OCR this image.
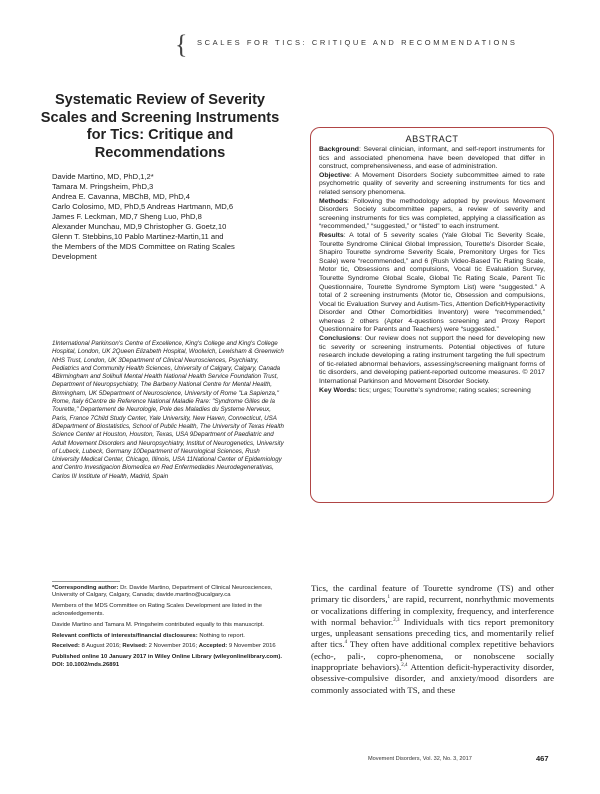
{ SCALES FOR TICS: CRITIQUE AND RECOMMENDATIONS
Systematic Review of Severity Scales and Screening Instruments for Tics: Critique and Recommendations
Davide Martino, MD, PhD,1,2*
Tamara M. Pringsheim, PhD,3
Andrea E. Cavanna, MBChB, MD, PhD,4
Carlo Colosimo, MD, PhD,5 Andreas Hartmann, MD,6
James F. Leckman, MD,7 Sheng Luo, PhD,8
Alexander Munchau, MD,9 Christopher G. Goetz,10
Glenn T. Stebbins,10 Pablo Martinez-Martin,11 and
the Members of the MDS Committee on Rating Scales
Development
1International Parkinson's Centre of Excellence, King's College and King's College Hospital, London, UK 2Queen Elizabeth Hospital, Woolwich, Lewisham & Greenwich NHS Trust, London, UK 3Department of Clinical Neurosciences, Psychiatry, Pediatrics and Community Health Sciences, University of Calgary, Calgary, Canada 4Birmingham and Solihull Mental Health National Health Service Foundation Trust, Department of Neuropsychiatry, The Barberry National Centre for Mental Health, Birmingham, UK 5Department of Neuroscience, University of Rome "La Sapienza," Rome, Italy 6Centre de Reference National Maladie Rare: "Syndrome Gilles de la Tourette," Departement de Neurologie, Pole des Maladies du Systeme Nerveux, Paris, France 7Child Study Center, Yale University, New Haven, Connecticut, USA 8Department of Biostatistics, School of Public Health, The University of Texas Health Science Center at Houston, Houston, Texas, USA 9Department of Paediatric and Adult Movement Disorders and Neuropsychiatry, Institut of Neurogenetics, University of Lubeck, Lubeck, Germany 10Department of Neurological Sciences, Rush University Medical Center, Chicago, Illinois, USA 11National Center of Epidemiology and Centro Investigacion Biomedica en Red Enfermedades Neurodegenerativas, Carlos III Institute of Health, Madrid, Spain
ABSTRACT
Background: Several clinician, informant, and self-report instruments for tics and associated phenomena have been developed that differ in construct, comprehensiveness, and ease of administration.
Objective: A Movement Disorders Society subcommittee aimed to rate psychometric quality of severity and screening instruments for tics and related sensory phenomena.
Methods: Following the methodology adopted by previous Movement Disorders Society subcommittee papers, a review of severity and screening instruments for tics was completed, applying a classification as “recommended,” “suggested,” or “listed” to each instrument.
Results: A total of 5 severity scales (Yale Global Tic Severity Scale, Tourette Syndrome Clinical Global Impression, Tourette's Disorder Scale, Shapiro Tourette syndrome Severity Scale, Premonitory Urges for Tics Scale) were “recommended,” and 6 (Rush Video-Based Tic Rating Scale, Motor tic, Obsessions and compulsions, Vocal tic Evaluation Survey, Tourette Syndrome Global Scale, Global Tic Rating Scale, Parent Tic Questionnaire, Tourette Syndrome Symptom List) were “suggested.” A total of 2 screening instruments (Motor tic, Obsession and compulsions, Vocal tic Evaluation Survey and Autism-Tics, Attention Deficit/Hyperactivity Disorder and Other Comorbidities Inventory) were “recommended,” whereas 2 others (Apter 4-questions screening and Proxy Report Questionnaire for Parents and Teachers) were “suggested.”
Conclusions: Our review does not support the need for developing new tic severity or screening instruments. Potential objectives of future research include developing a rating instrument targeting the full spectrum of tic-related abnormal behaviors, assessing/screening malignant forms of tic disorders, and developing patient-reported outcome measures. © 2017 International Parkinson and Movement Disorder Society.
Key Words: tics; urges; Tourette's syndrome; rating scales; screening

*Corresponding author: Dr. Davide Martino, Department of Clinical Neurosciences, University of Calgary, Calgary, Canada; davide.martino@ucalgary.ca

Members of the MDS Committee on Rating Scales Development are listed in the acknowledgements.

Davide Martino and Tamara M. Pringsheim contributed equally to this manuscript.

Relevant conflicts of interests/financial disclosures: Nothing to report.

Received: 8 August 2016; Revised: 2 November 2016; Accepted: 9 November 2016

Published online 10 January 2017 in Wiley Online Library (wileyonlinelibrary.com). DOI: 10.1002/mds.26891

Tics, the cardinal feature of Tourette syndrome (TS) and other primary tic disorders,$^1$ are rapid, recurrent, nonrhythmic movements or vocalizations differing in complexity, frequency, and interference with normal behavior.$^{2,3}$ Individuals with tics report premonitory urges, unpleasant sensations preceding tics, and momentarily relief after tics.$^4$ They often have additional complex repetitive behaviors (echo-, pali-, copro-phenomena, or nonobscene socially inappropriate behaviors).$^{2,4}$ Attention deficit-hyperactivity disorder, obsessive-compulsive disorder, and anxiety/mood disorders are commonly associated with TS, and these
Movement Disorders, Vol. 32, No. 3, 2017	467
